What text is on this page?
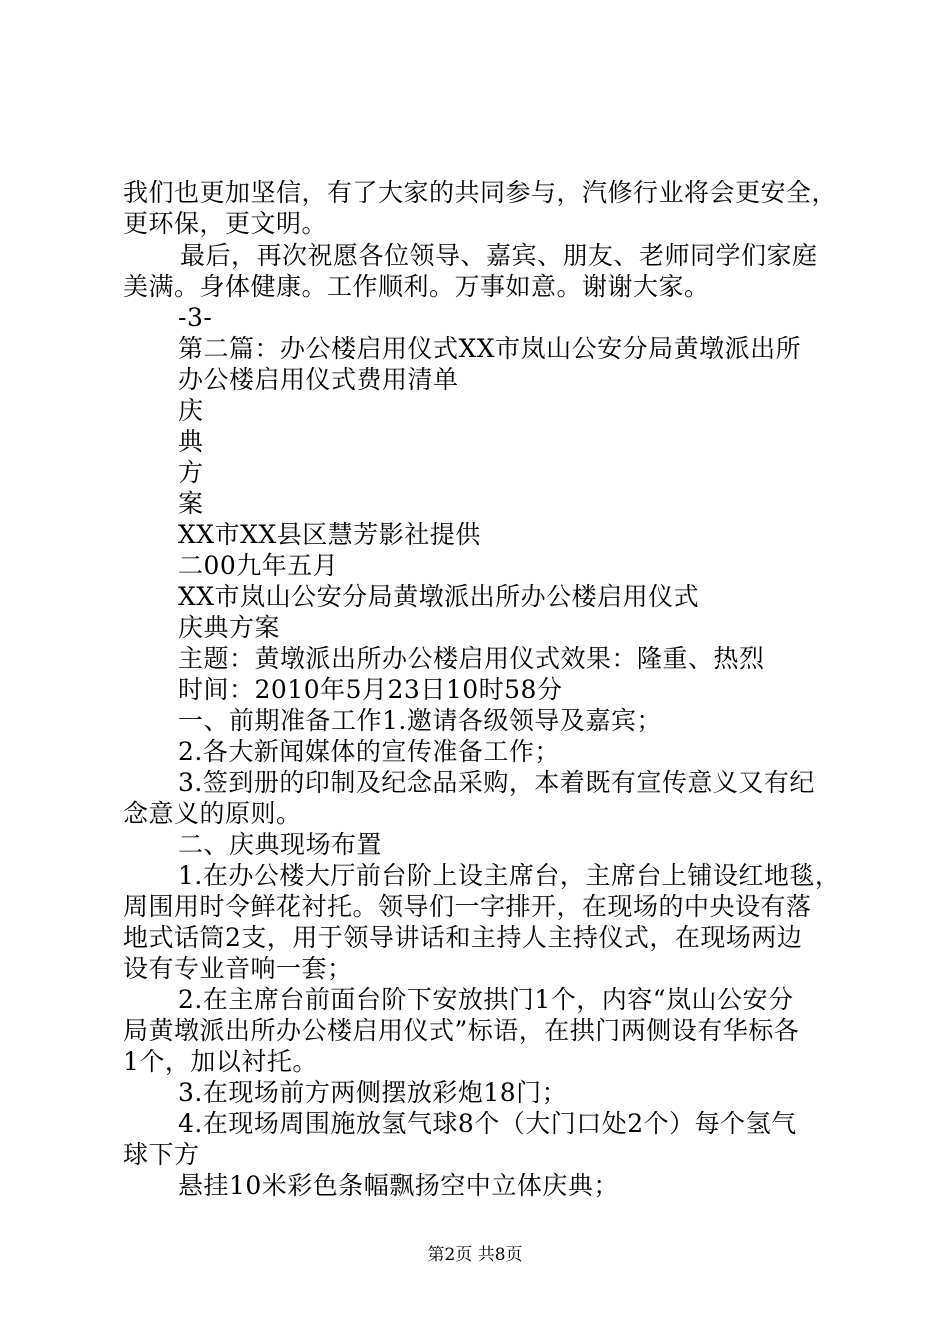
我们也更加坚信，有了大家的共同参与，汽修行业将会更安全，
更环保，更文明。
最后，再次祝愿各位领导、嘉宾、朋友、老师同学们家庭
美满。身体健康。工作顺利。万事如意。谢谢大家。
-3-
第二篇：办公楼启用仪式XX市岚山公安分局黄墩派出所
办公楼启用仪式费用清单
庆
典
方
案
XX市XX县区慧芳影社提供
二00九年五月
XX市岚山公安分局黄墩派出所办公楼启用仪式
庆典方案
主题：黄墩派出所办公楼启用仪式效果：隆重、热烈
时间：2010年5月23日10时58分
一、前期准备工作1.邀请各级领导及嘉宾；
2.各大新闻媒体的宣传准备工作；
3.签到册的印制及纪念品采购，本着既有宣传意义又有纪
念意义的原则。
二、庆典现场布置
1.在办公楼大厅前台阶上设主席台，主席台上铺设红地毯，
周围用时令鲜花衬托。领导们一字排开，在现场的中央设有落
地式话筒2支，用于领导讲话和主持人主持仪式，在现场两边
设有专业音响一套；
2.在主席台前面台阶下安放拱门1个，内容“岚山公安分
局黄墩派出所办公楼启用仪式”标语，在拱门两侧设有华标各
1个，加以衬托。
3.在现场前方两侧摆放彩炮18门；
4.在现场周围施放氢气球8个（大门口处2个）每个氢气
球下方
悬挂10米彩色条幅飘扬空中立体庆典；
第2页 共8页
